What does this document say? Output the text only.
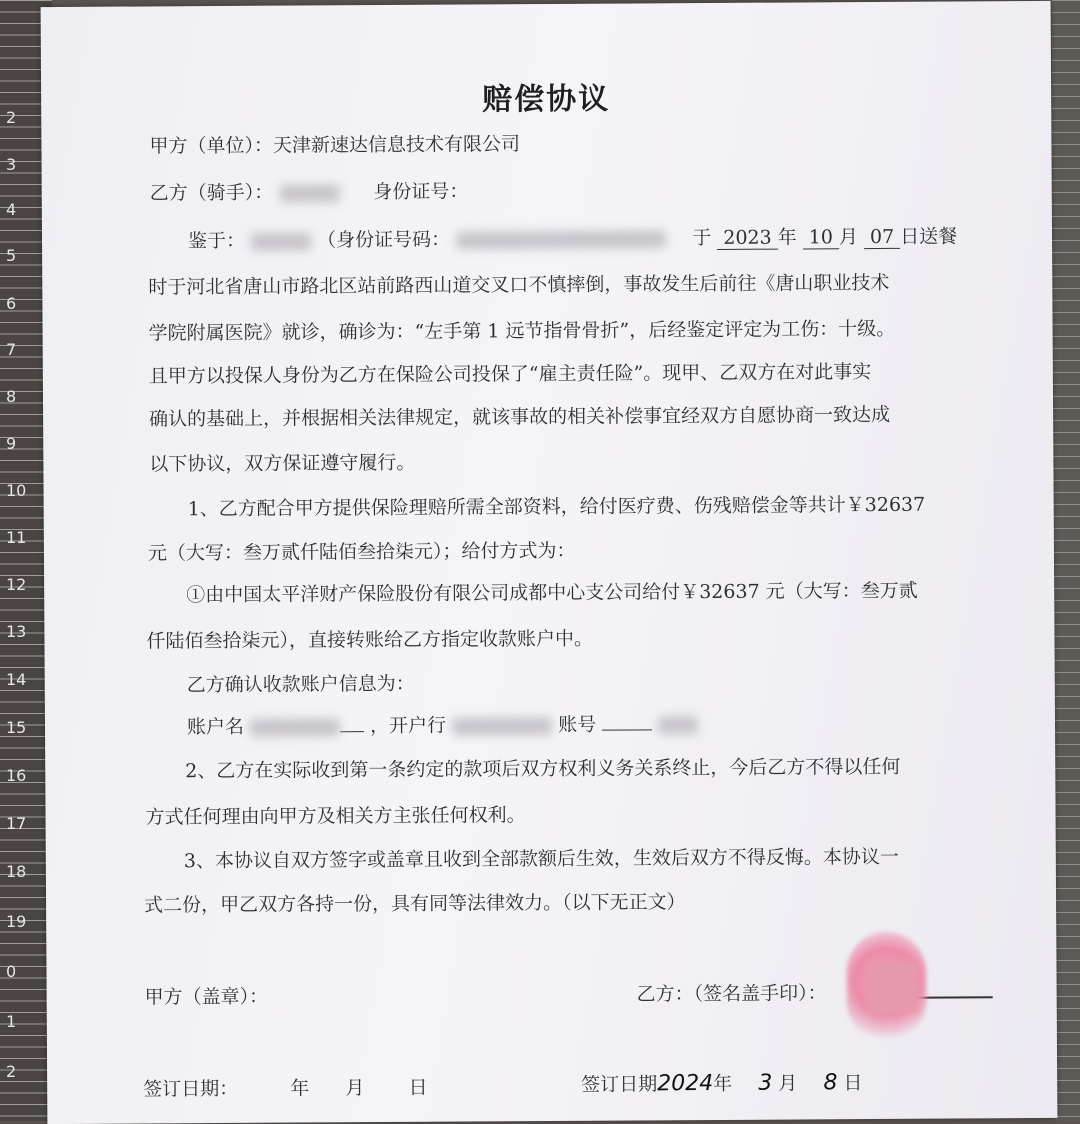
2
3
4
5
6
7
8
9
10
11
12
13
14
15
16
17
18
19
0
1
2
赔偿协议
甲方（单位）：天津新速达信息技术有限公司
乙方（骑手）：	身份证号：
鉴于：	（身份证号码：	于 2023 年 10 月 07 日送餐
时于河北省唐山市路北区站前路西山道交叉口不慎摔倒，事故发生后前往《唐山职业技术
学院附属医院》就诊，确诊为：“左手第 1 远节指骨骨折”，后经鉴定评定为工伤：十级。
且甲方以投保人身份为乙方在保险公司投保了“雇主责任险”。现甲、乙双方在对此事实
确认的基础上，并根据相关法律规定，就该事故的相关补偿事宜经双方自愿协商一致达成
以下协议，双方保证遵守履行。
1、乙方配合甲方提供保险理赔所需全部资料，给付医疗费、伤残赔偿金等共计￥32637
元（大写：叁万贰仟陆佰叁拾柒元）；给付方式为：
①由中国太平洋财产保险股份有限公司成都中心支公司给付￥32637 元（大写：叁万贰
仟陆佰叁拾柒元），直接转账给乙方指定收款账户中。
乙方确认收款账户信息为：
账户名	，开户行	账号
2、乙方在实际收到第一条约定的款项后双方权利义务关系终止，今后乙方不得以任何
方式任何理由向甲方及相关方主张任何权利。
3、本协议自双方签字或盖章且收到全部款额后生效，生效后双方不得反悔。本协议一
式二份，甲乙双方各持一份，具有同等法律效力。（以下无正文）
甲方（盖章）：	乙方：（签名盖手印）：
签订日期：	年 月 日	签订日期2024年 3 月 8 日
